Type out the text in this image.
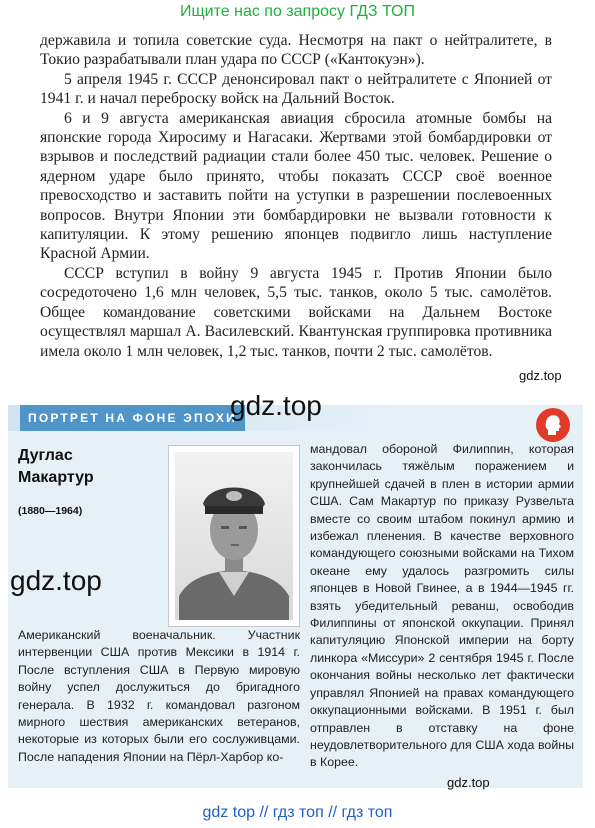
Ищите нас по запросу ГДЗ ТОП

державила и топила советские суда. Несмотря на пакт о нейтралитете, в Токио разрабатывали план удара по СССР («Кантокуэн»).

5 апреля 1945 г. СССР денонсировал пакт о нейтралитете с Японией от 1941 г. и начал переброску войск на Дальний Восток.

6 и 9 августа американская авиация сбросила атомные бомбы на японские города Хиросиму и Нагасаки. Жертвами этой бомбардировки от взрывов и последствий радиации стали более 450 тыс. человек. Решение о ядерном ударе было принято, чтобы показать СССР своё военное превосходство и заставить пойти на уступки в разрешении послевоенных вопросов. Внутри Японии эти бомбардировки не вызвали готовности к капитуляции. К этому решению японцев подвигло лишь наступление Красной Армии.

СССР вступил в войну 9 августа 1945 г. Против Японии было сосредоточено 1,6 млн человек, 5,5 тыс. танков, около 5 тыс. самолётов. Общее командование советскими войсками на Дальнем Востоке осуществлял маршал А. Василевский. Квантунская группировка противника имела около 1 млн человек, 1,2 тыс. танков, почти 2 тыс. самолётов.

gdz.top
ПОРТРЕТ НА ФОНЕ ЭПОХИ
Дуглас
Макартур
(1880—1964)
Американский военачальник. Участник интервенции США против Мексики в 1914 г. После вступления США в Первую мировую войну успел дослужиться до бригадного генерала. В 1932 г. командовал разгоном мирного шествия американских ветеранов, некоторые из которых были его сослуживцами. После нападения Японии на Пёрл-Харбор ко-
мандовал обороной Филиппин, которая закончилась тяжёлым поражением и крупнейшей сдачей в плен в истории армии США. Сам Макартур по приказу Рузвельта вместе со своим штабом покинул армию и избежал пленения. В качестве верховного командующего союзными войсками на Тихом океане ему удалось разгромить силы японцев в Новой Гвинее, а в 1944—1945 гг. взять убедительный реванш, освободив Филиппины от японской оккупации. Принял капитуляцию Японской империи на борту линкора «Миссури» 2 сентября 1945 г. После окончания войны несколько лет фактически управлял Японией на правах командующего оккупационными войсками. В 1951 г. был отправлен в отставку на фоне неудовлетворительного для США хода войны в Корее.
gdz.top
gdz.top
gdz.top
gdz top // гдз топ // гдз топ
